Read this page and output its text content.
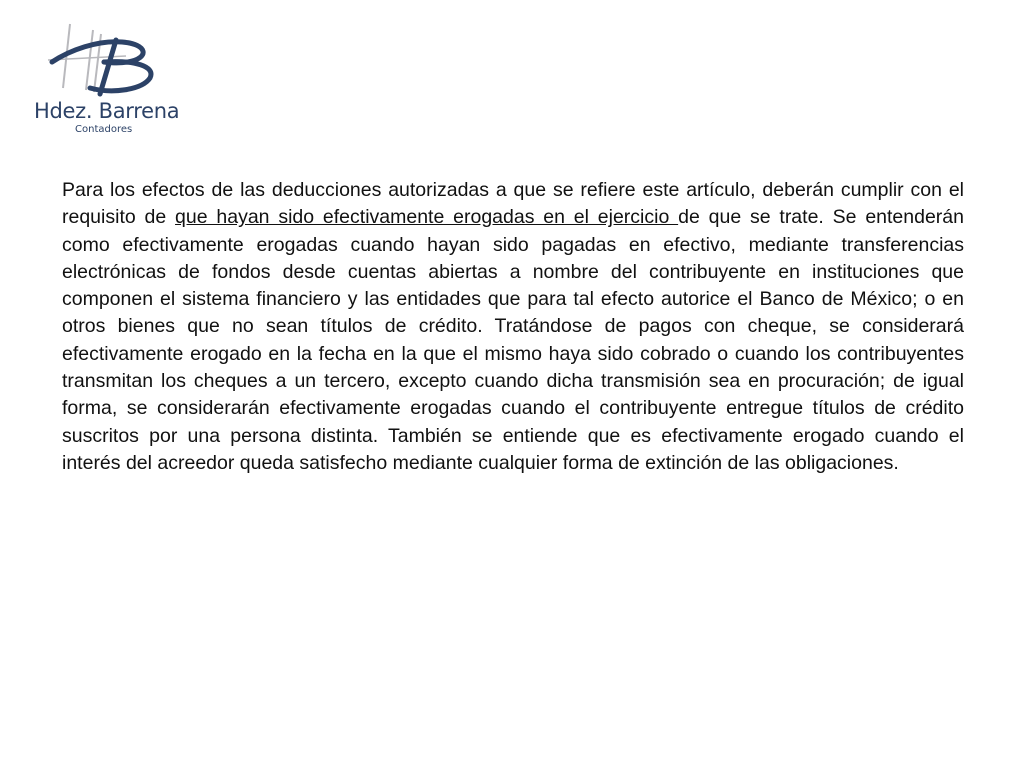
Hdez. Barrena
Contadores

Para los efectos de las deducciones autorizadas a que se refiere este artículo, deberán cumplir con el requisito de que hayan sido efectivamente erogadas en el ejercicio de que se trate. Se entenderán como efectivamente erogadas cuando hayan sido pagadas en efectivo, mediante transferencias electrónicas de fondos desde cuentas abiertas a nombre del contribuyente en instituciones que componen el sistema financiero y las entidades que para tal efecto autorice el Banco de México; o en otros bienes que no sean títulos de crédito. Tratándose de pagos con cheque, se considerará efectivamente erogado en la fecha en la que el mismo haya sido cobrado o cuando los contribuyentes transmitan los cheques a un tercero, excepto cuando dicha transmisión sea en procuración; de igual forma, se considerarán efectivamente erogadas cuando el contribuyente entregue títulos de crédito suscritos por una persona distinta. También se entiende que es efectivamente erogado cuando el interés del acreedor queda satisfecho mediante cualquier forma de extinción de las obligaciones.
